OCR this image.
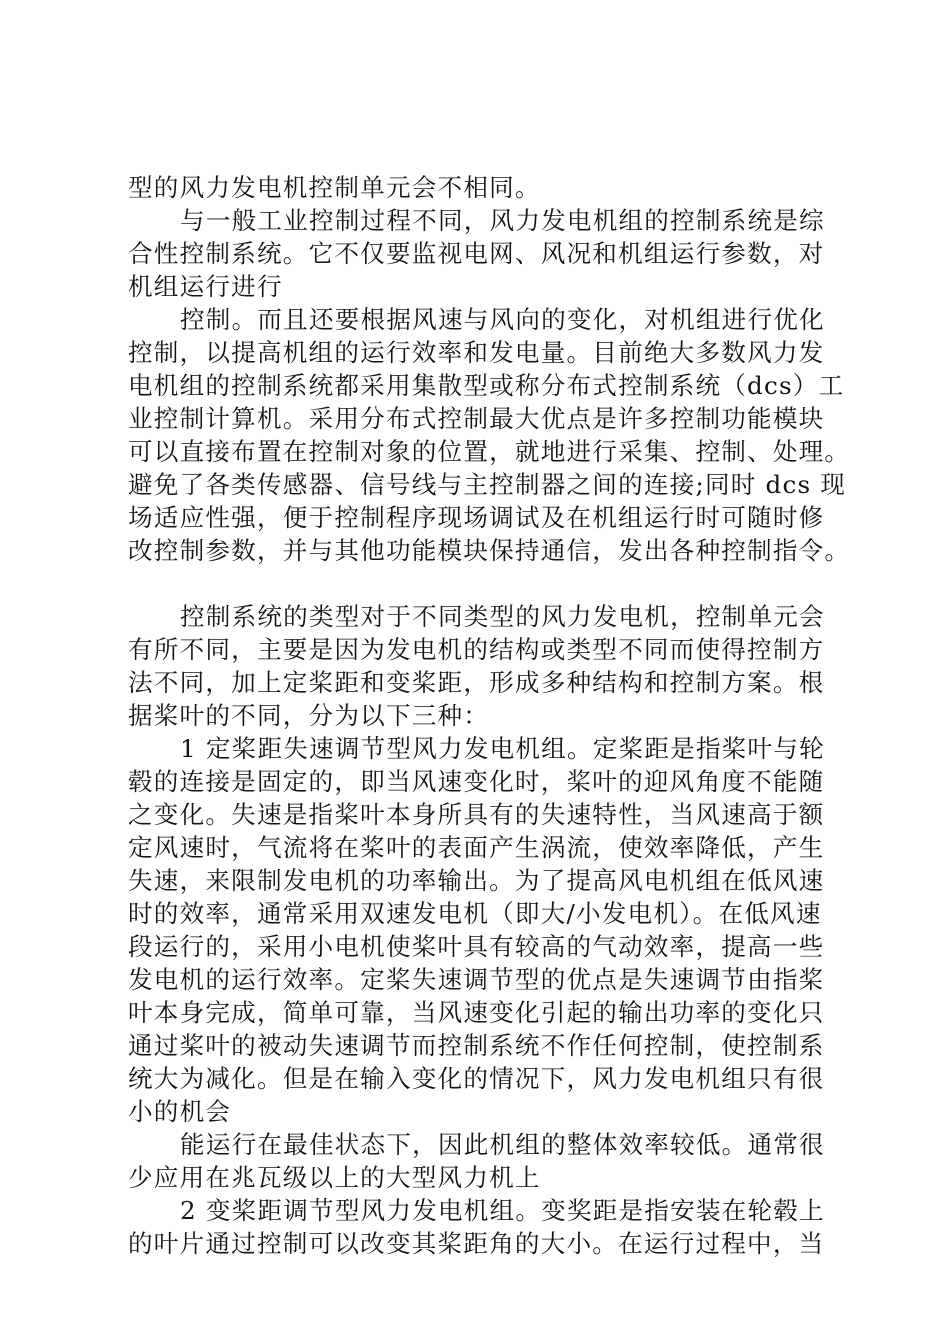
型的风力发电机控制单元会不相同。
与一般工业控制过程不同，风力发电机组的控制系统是综
合性控制系统。它不仅要监视电网、风况和机组运行参数，对
机组运行进行
控制。而且还要根据风速与风向的变化，对机组进行优化
控制，以提高机组的运行效率和发电量。目前绝大多数风力发
电机组的控制系统都采用集散型或称分布式控制系统（dcs）工
业控制计算机。采用分布式控制最大优点是许多控制功能模块
可以直接布置在控制对象的位置，就地进行采集、控制、处理。
避免了各类传感器、信号线与主控制器之间的连接;同时 dcs 现
场适应性强，便于控制程序现场调试及在机组运行时可随时修
改控制参数，并与其他功能模块保持通信，发出各种控制指令。
控制系统的类型对于不同类型的风力发电机，控制单元会
有所不同，主要是因为发电机的结构或类型不同而使得控制方
法不同，加上定桨距和变桨距，形成多种结构和控制方案。根
据桨叶的不同，分为以下三种：
1 定桨距失速调节型风力发电机组。定桨距是指桨叶与轮
毂的连接是固定的，即当风速变化时，桨叶的迎风角度不能随
之变化。失速是指桨叶本身所具有的失速特性，当风速高于额
定风速时，气流将在桨叶的表面产生涡流，使效率降低，产生
失速，来限制发电机的功率输出。为了提高风电机组在低风速
时的效率，通常采用双速发电机（即大/小发电机）。在低风速
段运行的，采用小电机使桨叶具有较高的气动效率，提高一些
发电机的运行效率。定桨失速调节型的优点是失速调节由指桨
叶本身完成，简单可靠，当风速变化引起的输出功率的变化只
通过桨叶的被动失速调节而控制系统不作任何控制，使控制系
统大为减化。但是在输入变化的情况下，风力发电机组只有很
小的机会
能运行在最佳状态下，因此机组的整体效率较低。通常很
少应用在兆瓦级以上的大型风力机上
2 变桨距调节型风力发电机组。变奖距是指安装在轮毂上
的叶片通过控制可以改变其桨距角的大小。在运行过程中，当
